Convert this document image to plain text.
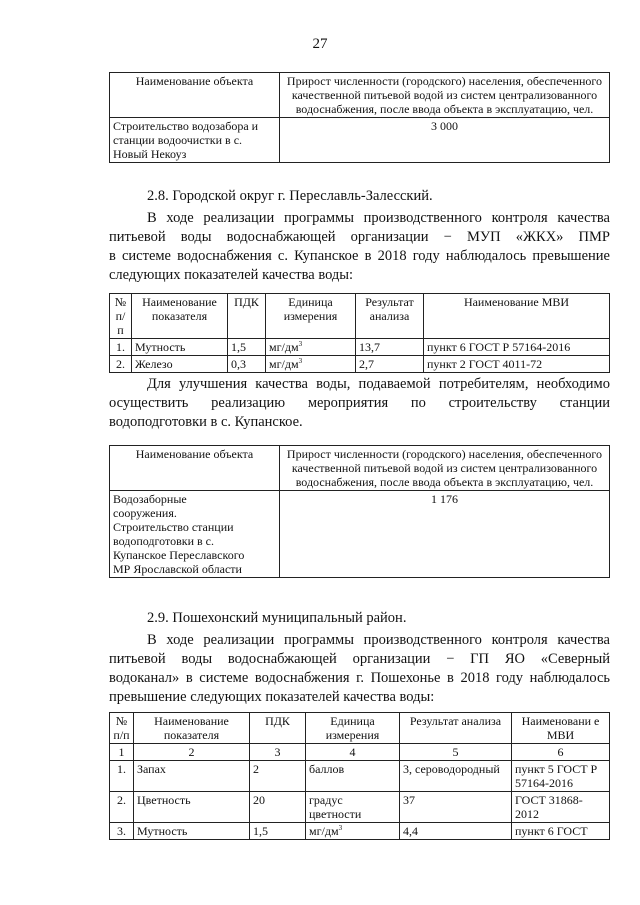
27
Наименование объекта	Прирост численности (городского) населения, обеспеченного качественной питьевой водой из систем централизованного водоснабжения, после ввода объекта в эксплуатацию, чел.
Строительство водозабора и станции водоочистки в с. Новый Некоуз	3 000
2.8. Городской округ г. Переславль-Залесский.
В ходе реализации программы производственного контроля качества
питьевой воды водоснабжающей организации − МУП «ЖКХ» ПМР
в системе водоснабжения с. Купанское в 2018 году наблюдалось превышение
следующих показателей качества воды:
№ п/п	Наименование показателя	ПДК	Единица измерения	Результат анализа	Наименование МВИ
1.	Мутность	1,5	$мг/дм^3$	13,7	пункт 6 ГОСТ Р 57164-2016
2.	Железо	0,3	$мг/дм^3$	2,7	пункт 2 ГОСТ 4011-72
Для улучшения качества воды, подаваемой потребителям, необходимо
осуществить реализацию мероприятия по строительству станции
водоподготовки в с. Купанское.
Наименование объекта	Прирост численности (городского) населения, обеспеченного качественной питьевой водой из систем централизованного водоснабжения, после ввода объекта в эксплуатацию, чел.
Водозаборные сооружения. Строительство станции водоподготовки в с. Купанское Переславского МР Ярославской области	1 176
2.9. Пошехонский муниципальный район.
В ходе реализации программы производственного контроля качества
питьевой воды водоснабжающей организации − ГП ЯО «Северный
водоканал» в системе водоснабжения г. Пошехонье в 2018 году наблюдалось
превышение следующих показателей качества воды:
№ п/п	Наименование показателя	ПДК	Единица измерения	Результат анализа	Наименовани е МВИ
1	2	3	4	5	6
1.	Запах	2	баллов	3, сероводородный	пункт 5 ГОСТ Р 57164-2016
2.	Цветность	20	градус цветности	37	ГОСТ 31868-2012
3.	Мутность	1,5	$мг/дм^3$	4,4	пункт 6 ГОСТ
